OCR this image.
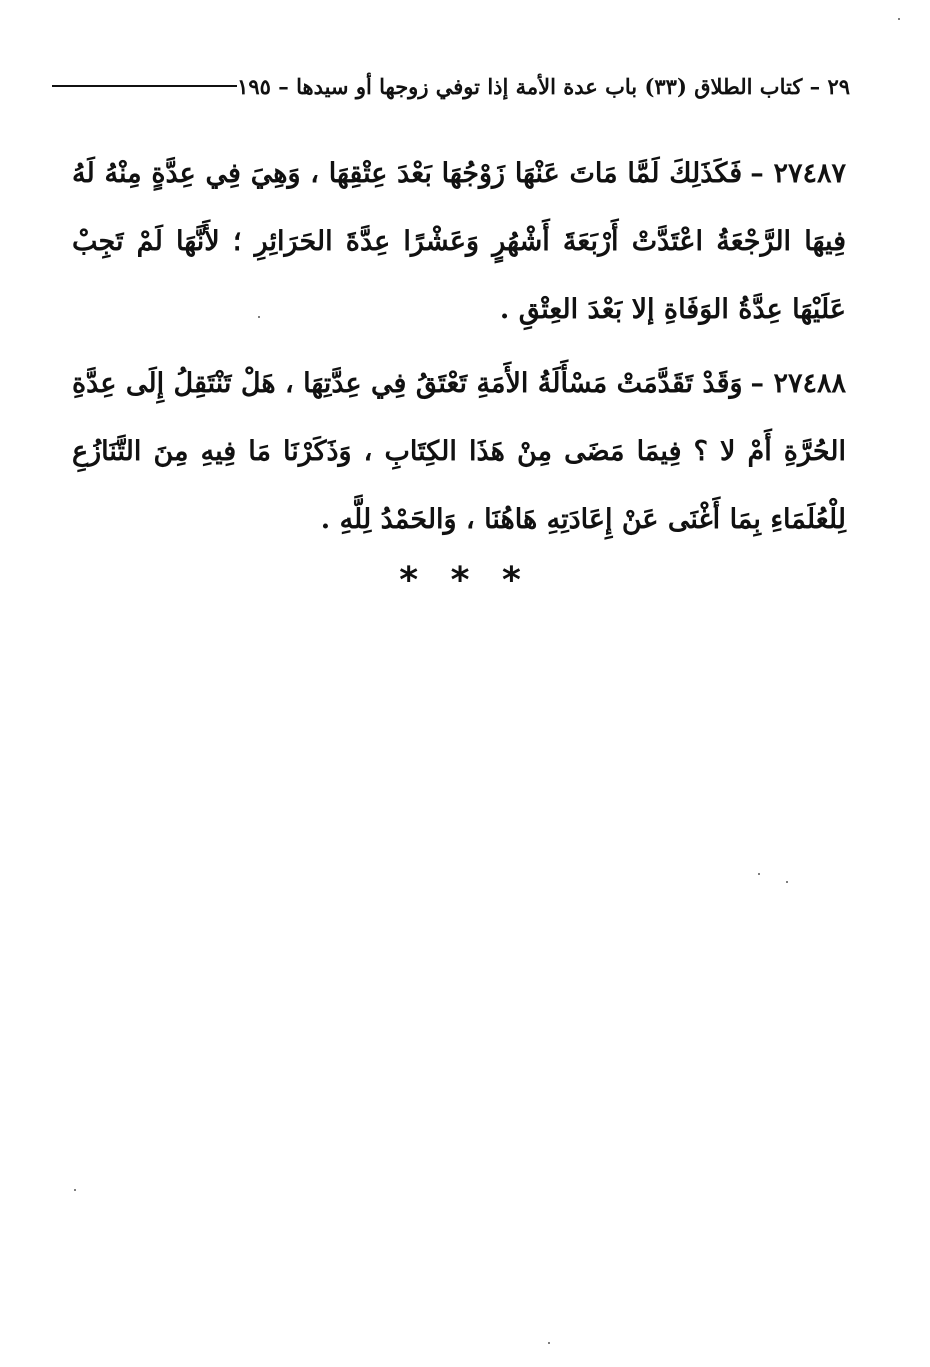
٢٩ – كتاب الطلاق (٣٣) باب عدة الأمة إذا توفي زوجها أو سيدها – ١٩٥

٢٧٤٨٧ –فَكَذَلِكَ لَمَّا مَاتَ عَنْهَا زَوْجُهَا بَعْدَ عِتْقِهَا ، وَهِيَ فِي عِدَّةٍ مِنْهُ لَهُ فِيهَا الرَّجْعَةُ اعْتَدَّتْ أَرْبَعَةَ أَشْهُرٍ وَعَشْرًا عِدَّةَ الحَرَائِرِ ؛ لأَنَّهَا لَمْ تَجِبْ عَلَيْهَا عِدَّةُ الوَفَاةِ إلا بَعْدَ العِتْقِ .

٢٧٤٨٨ –وَقَدْ تَقَدَّمَتْ مَسْأَلَةُ الأَمَةِ تَعْتَقُ فِي عِدَّتِهَا ، هَلْ تَنْتَقِلُ إِلَى عِدَّةِ الحُرَّةِ أَمْ لا ؟ فِيمَا مَضَى مِنْ هَذَا الكِتَابِ ، وَذَكَرْنَا مَا فِيهِ مِنَ التَّنَازُعِ لِلْعُلَمَاءِ بِمَا أَغْنَى عَنْ إِعَادَتِهِ هَاهُنَا ، وَالحَمْدُ لِلَّهِ .

* * *
